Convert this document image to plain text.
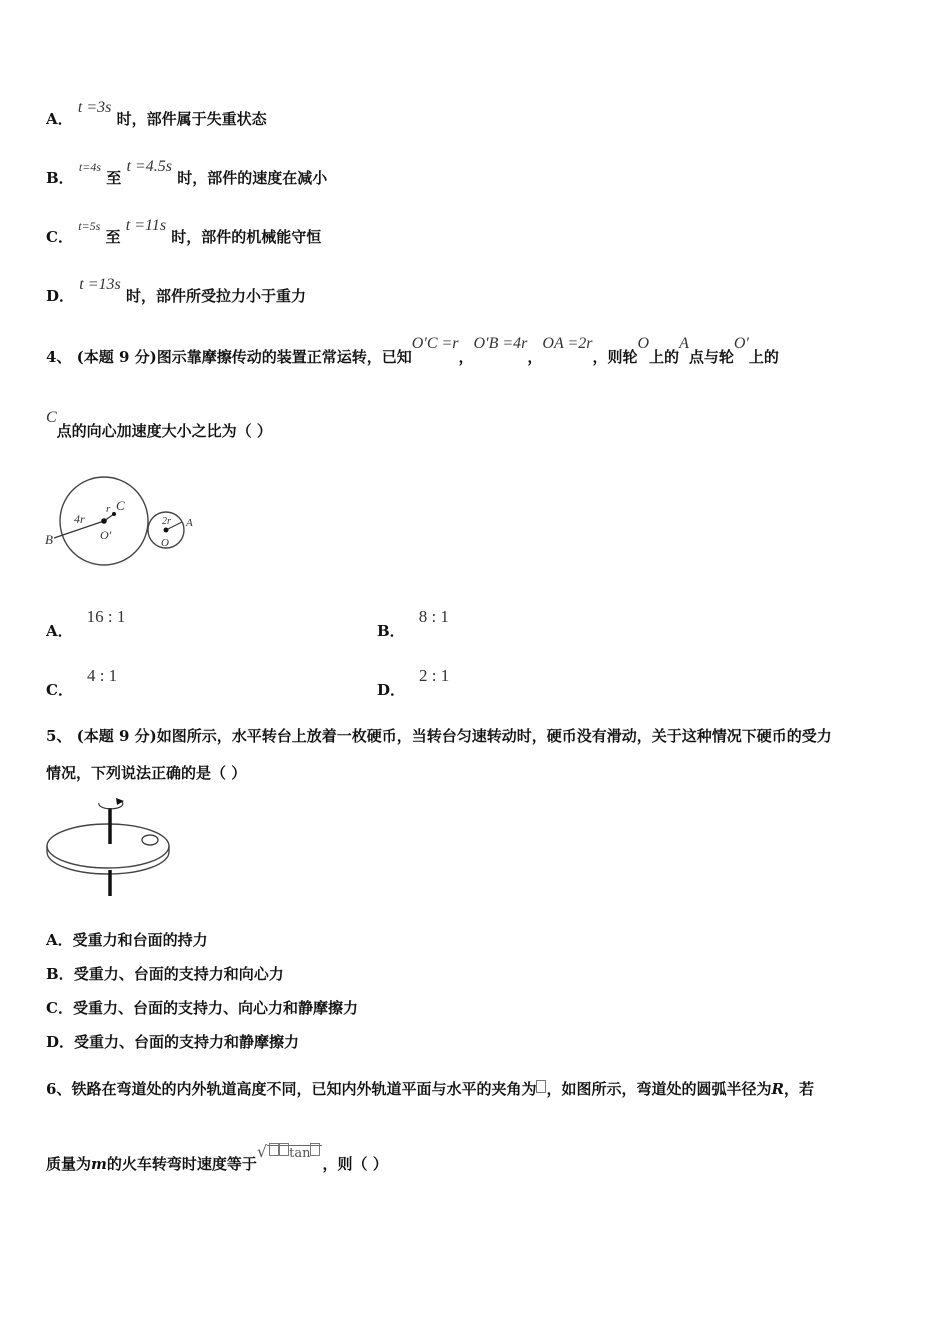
A． t =3s 时，部件属于失重状态
B． $^{t=4s}$ 至 t =4.5s 时，部件的速度在减小
C． $^{t=5s}$ 至 t =11s 时，部件的机械能守恒
D． t =13s 时，部件所受拉力小于重力
4、 (本题 9 分)图示靠摩擦传动的装置正常运转，已知O′C =r，O′B =4r，OA =2r，则轮O上的A点与轮O′上的
C点的向心加速度大小之比为（ ）
4r
r C
B	O′
2r A
O
A．16 : 1
B．8 : 1
C．4 : 1
D．2 : 1
5、 (本题 9 分)如图所示，水平转台上放着一枚硬币，当转台匀速转动时，硬币没有滑动，关于这种情况下硬币的受力
情况，下列说法正确的是（ ）
A．受重力和台面的持力
B．受重力、台面的支持力和向心力
C．受重力、台面的支持力、向心力和静摩擦力
D．受重力、台面的支持力和静摩擦力
6、铁路在弯道处的内外轨道高度不同，已知内外轨道平面与水平的夹角为 ，如图所示，弯道处的圆弧半径为R，若
质量为m的火车转弯时速度等于√ tan，则（ ）
